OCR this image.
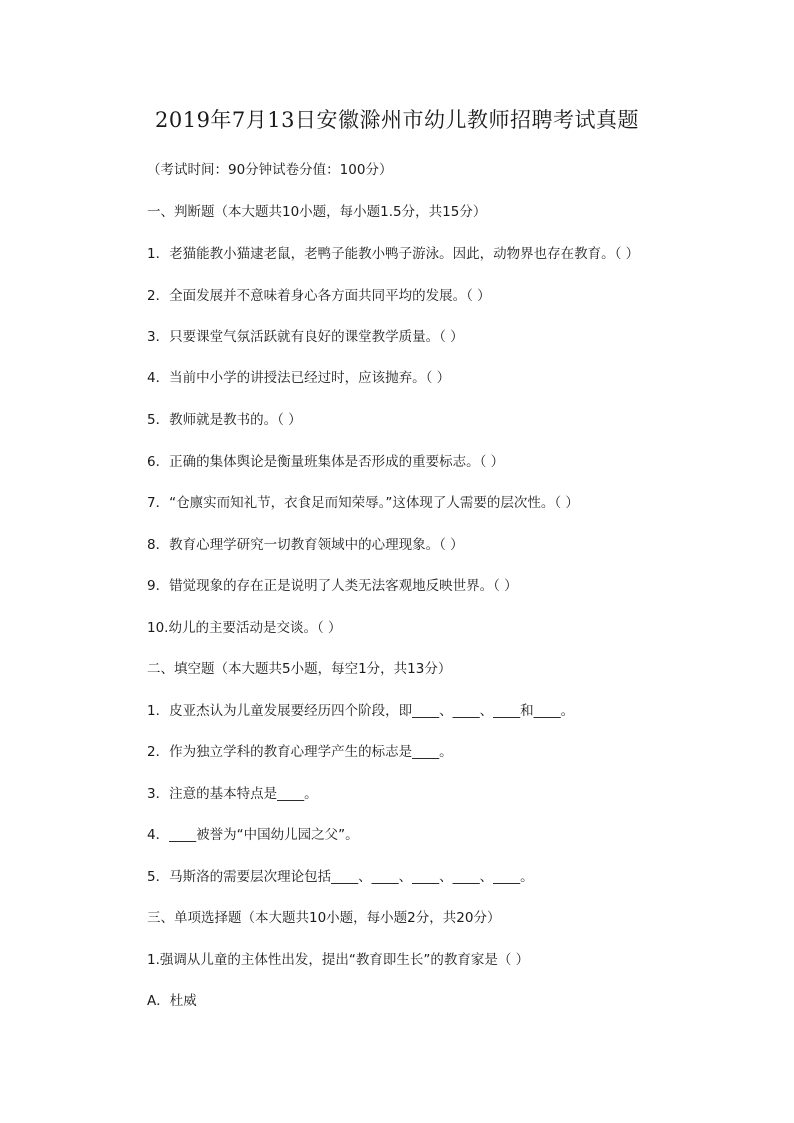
2019年7月13日安徽滁州市幼儿教师招聘考试真题
（考试时间：90分钟试卷分值：100分）
一、判断题（本大题共10小题，每小题1.5分，共15分）
1．老猫能教小猫逮老鼠，老鸭子能教小鸭子游泳。因此，动物界也存在教育。（ ）
2．全面发展并不意味着身心各方面共同平均的发展。（ ）
3．只要课堂气氛活跃就有良好的课堂教学质量。（ ）
4．当前中小学的讲授法已经过时，应该抛弃。（ ）
5．教师就是教书的。（ ）
6．正确的集体舆论是衡量班集体是否形成的重要标志。（ ）
7．“仓廪实而知礼节，衣食足而知荣辱。”这体现了人需要的层次性。（ ）
8．教育心理学研究一切教育领域中的心理现象。（ ）
9．错觉现象的存在正是说明了人类无法客观地反映世界。（ ）
10.幼儿的主要活动是交谈。（ ）
二、填空题（本大题共5小题，每空1分，共13分）
1．皮亚杰认为儿童发展要经历四个阶段，即____、____、____和____。
2．作为独立学科的教育心理学产生的标志是____。
3．注意的基本特点是____。
4．____被誉为“中国幼儿园之父”。
5．马斯洛的需要层次理论包括____、____、____、____、____。
三、单项选择题（本大题共10小题，每小题2分，共20分）
1.强调从儿童的主体性出发，提出“教育即生长”的教育家是（ ）
A．杜威
